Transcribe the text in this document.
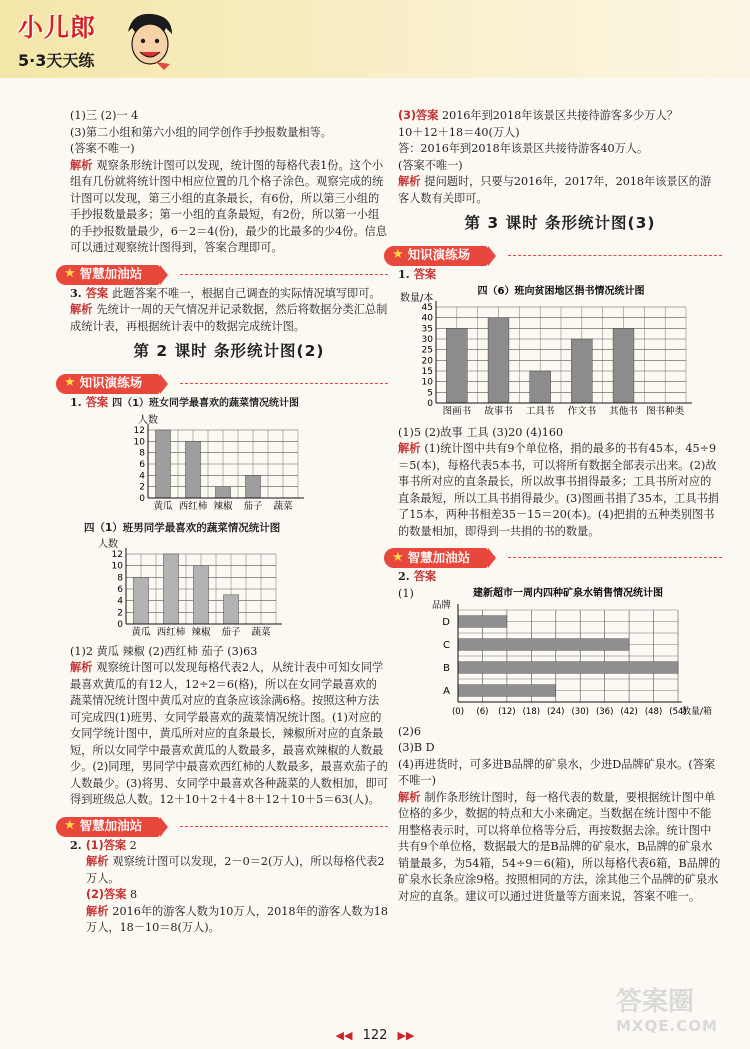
小儿郎
5·3天天练

(1)三 (2)一 4

(3)第二小组和第六小组的同学创作手抄报数量相等。

(答案不唯一)

解析 观察条形统计图可以发现，统计图的每格代表1份。这个小组有几份就将统计图中相应位置的几个格子涂色。观察完成的统计图可以发现，第三小组的直条最长，有6份，所以第三小组的手抄报数量最多；第一小组的直条最短，有2份，所以第一小组的手抄报数量最少，6－2＝4(份)，最少的比最多的少4份。信息可以通过观察统计图得到，答案合理即可。

★ 智慧加油站

3. 答案 此题答案不唯一，根据自己调查的实际情况填写即可。

解析 先统计一周的天气情况并记录数据，然后将数据分类汇总制成统计表，再根据统计表中的数据完成统计图。

第 2 课时 条形统计图(2)
★ 知识演练场

1. 答案 四（1）班女同学最喜欢的蔬菜情况统计图

人数
0
2
4
6
8
10
12
黄瓜 西红柿 辣椒 茄子 蔬菜
四（1）班男同学最喜欢的蔬菜情况统计图
人数
0
2
4
6
8
10
12
黄瓜 西红柿 辣椒 茄子 蔬菜

(1)2 黄瓜 辣椒 (2)西红柿 茄子 (3)63

解析 观察统计图可以发现每格代表2人，从统计表中可知女同学最喜欢黄瓜的有12人，12÷2＝6(格)，所以在女同学最喜欢的蔬菜情况统计图中黄瓜对应的直条应该涂满6格。按照这种方法可完成四(1)班男、女同学最喜欢的蔬菜情况统计图。(1)对应的女同学统计图中，黄瓜所对应的直条最长，辣椒所对应的直条最短，所以女同学中最喜欢黄瓜的人数最多，最喜欢辣椒的人数最少。(2)同理，男同学中最喜欢西红柿的人数最多，最喜欢茄子的人数最少。(3)将男、女同学中最喜欢各种蔬菜的人数相加，即可得到班级总人数。12＋10＋2＋4＋8＋12＋10＋5＝63(人)。

★ 智慧加油站

2. (1)答案 2

解析 观察统计图可以发现，2－0＝2(万人)，所以每格代表2万人。

(2)答案 8

解析 2016年的游客人数为10万人，2018年的游客人数为18万人，18－10＝8(万人)。

(3)答案 2016年到2018年该景区共接待游客多少万人？

10＋12＋18＝40(万人)

答：2016年到2018年该景区共接待游客40万人。

(答案不唯一)

解析 提问题时，只要与2016年，2017年，2018年该景区的游客人数有关即可。

第 3 课时 条形统计图(3)
★ 知识演练场

1. 答案

四（6）班向贫困地区捐书情况统计图
数量/本
0
5
10
15
20
25
30
35
40
45
图画书 故事书 工具书 作文书 其他书 图书种类

(1)5 (2)故事 工具 (3)20 (4)160

解析 (1)统计图中共有9个单位格，捐的最多的书有45本，45÷9＝5(本)，每格代表5本书，可以将所有数据全部表示出来。(2)故事书所对应的直条最长，所以故事书捐得最多；工具书所对应的直条最短，所以工具书捐得最少。(3)图画书捐了35本，工具书捐了15本，两种书相差35－15＝20(本)。(4)把捐的五种类别图书的数量相加，即得到一共捐的书的数量。

★ 智慧加油站

2. 答案

(1)	建新超市一周内四种矿泉水销售情况统计图
品牌
数量/箱
(0) (6) (12) (18) (24) (30) (36) (42) (48) (54)
A
B
C
D

(2)6

(3)B D

(4)再进货时，可多进B品牌的矿泉水，少进D品牌矿泉水。(答案不唯一)

解析 制作条形统计图时，每一格代表的数量，要根据统计图中单位格的多少，数据的特点和大小来确定。当数据在统计图中不能用整格表示时，可以将单位格等分后，再按数据去涂。统计图中共有9个单位格，数据最大的是B品牌的矿泉水，B品牌的矿泉水销量最多，为54箱，54÷9＝6(箱)，所以每格代表6箱，B品牌的矿泉水长条应涂9格。按照相同的方法，涂其他三个品牌的矿泉水对应的直条。建议可以通过进货量等方面来说，答案不唯一。

答案圈
MXQE.COM
◀◀ 122 ▶▶
